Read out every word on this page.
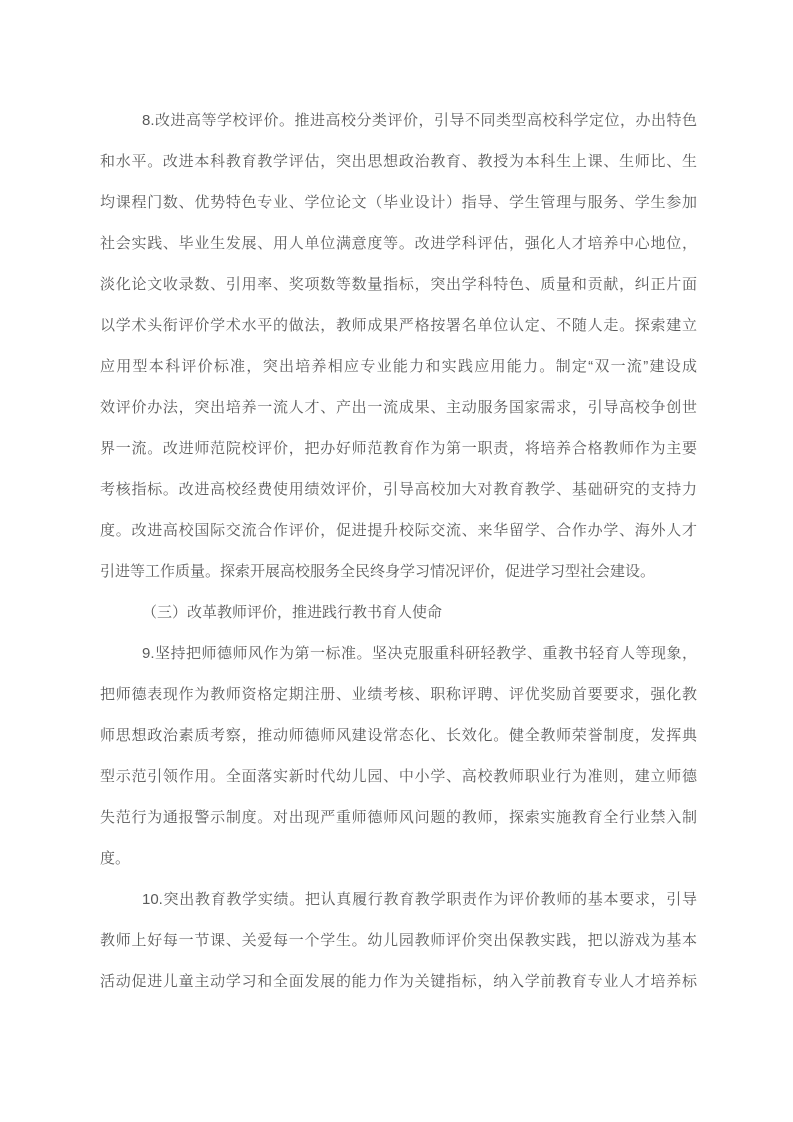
8.改进高等学校评价。推进高校分类评价，引导不同类型高校科学定位，办出特色
和水平。改进本科教育教学评估，突出思想政治教育、教授为本科生上课、生师比、生
均课程门数、优势特色专业、学位论文（毕业设计）指导、学生管理与服务、学生参加
社会实践、毕业生发展、用人单位满意度等。改进学科评估，强化人才培养中心地位，
淡化论文收录数、引用率、奖项数等数量指标，突出学科特色、质量和贡献，纠正片面
以学术头衔评价学术水平的做法，教师成果严格按署名单位认定、不随人走。探索建立
应用型本科评价标准，突出培养相应专业能力和实践应用能力。制定“双一流”建设成
效评价办法，突出培养一流人才、产出一流成果、主动服务国家需求，引导高校争创世
界一流。改进师范院校评价，把办好师范教育作为第一职责，将培养合格教师作为主要
考核指标。改进高校经费使用绩效评价，引导高校加大对教育教学、基础研究的支持力
度。改进高校国际交流合作评价，促进提升校际交流、来华留学、合作办学、海外人才
引进等工作质量。探索开展高校服务全民终身学习情况评价，促进学习型社会建设。
（三）改革教师评价，推进践行教书育人使命
9.坚持把师德师风作为第一标准。坚决克服重科研轻教学、重教书轻育人等现象，
把师德表现作为教师资格定期注册、业绩考核、职称评聘、评优奖励首要要求，强化教
师思想政治素质考察，推动师德师风建设常态化、长效化。健全教师荣誉制度，发挥典
型示范引领作用。全面落实新时代幼儿园、中小学、高校教师职业行为准则，建立师德
失范行为通报警示制度。对出现严重师德师风问题的教师，探索实施教育全行业禁入制
度。
10.突出教育教学实绩。把认真履行教育教学职责作为评价教师的基本要求，引导
教师上好每一节课、关爱每一个学生。幼儿园教师评价突出保教实践，把以游戏为基本
活动促进儿童主动学习和全面发展的能力作为关键指标，纳入学前教育专业人才培养标
